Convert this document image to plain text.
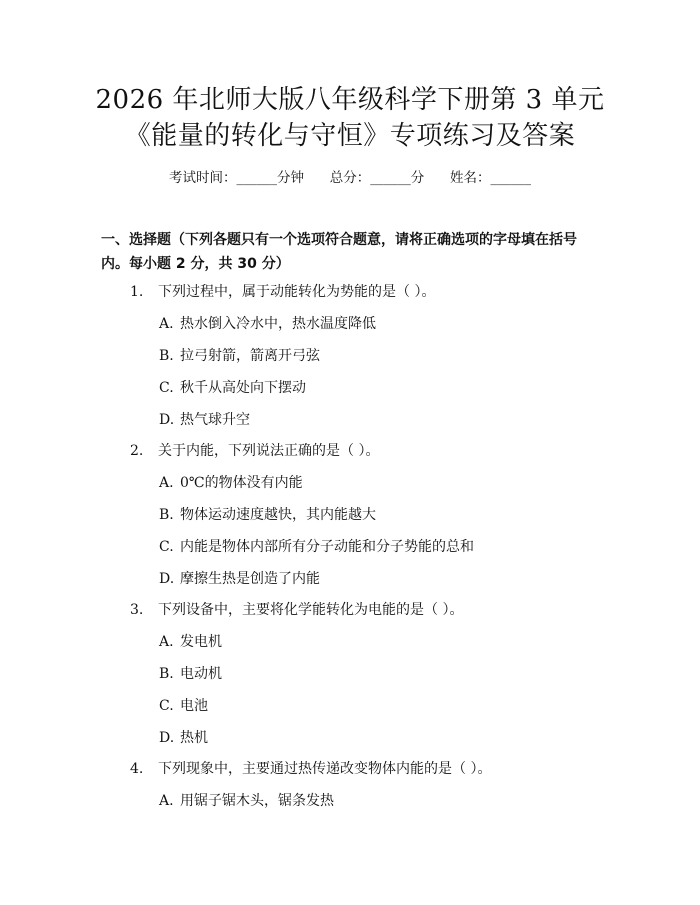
2026 年北师大版八年级科学下册第 3 单元
《能量的转化与守恒》专项练习及答案
考试时间：______分钟      总分：______分      姓名：______
一、选择题（下列各题只有一个选项符合题意，请将正确选项的字母填在括号内。每小题 2 分，共 30 分）
1. 下列过程中，属于动能转化为势能的是（ ）。
A. 热水倒入冷水中，热水温度降低
B. 拉弓射箭，箭离开弓弦
C. 秋千从高处向下摆动
D. 热气球升空
2. 关于内能，下列说法正确的是（ ）。
A. 0℃的物体没有内能
B. 物体运动速度越快，其内能越大
C. 内能是物体内部所有分子动能和分子势能的总和
D. 摩擦生热是创造了内能
3. 下列设备中，主要将化学能转化为电能的是（ ）。
A. 发电机
B. 电动机
C. 电池
D. 热机
4. 下列现象中，主要通过热传递改变物体内能的是（ ）。
A. 用锯子锯木头，锯条发热
